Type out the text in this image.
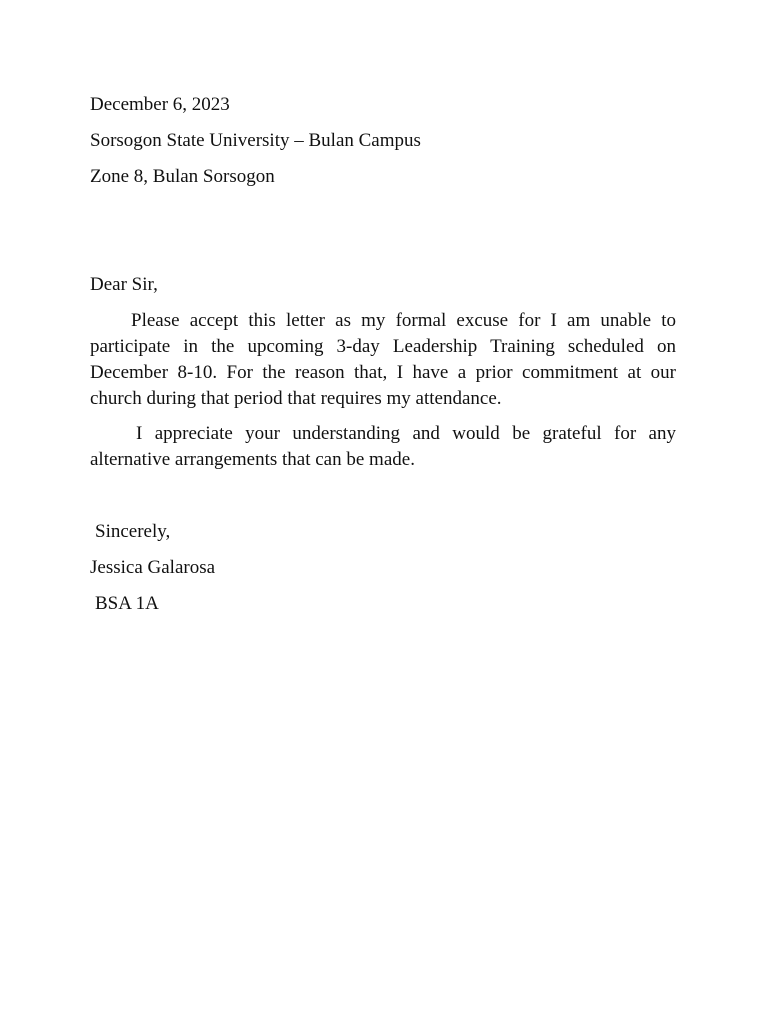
December 6, 2023
Sorsogon State University – Bulan Campus
Zone 8, Bulan Sorsogon
Dear Sir,
Please accept this letter as my formal excuse for I am unable to participate in the upcoming 3-day Leadership Training scheduled on December 8-10. For the reason that, I have a prior commitment at our church during that period that requires my attendance.
I appreciate your understanding and would be grateful for any alternative arrangements that can be made.
Sincerely,
Jessica Galarosa
BSA 1A
